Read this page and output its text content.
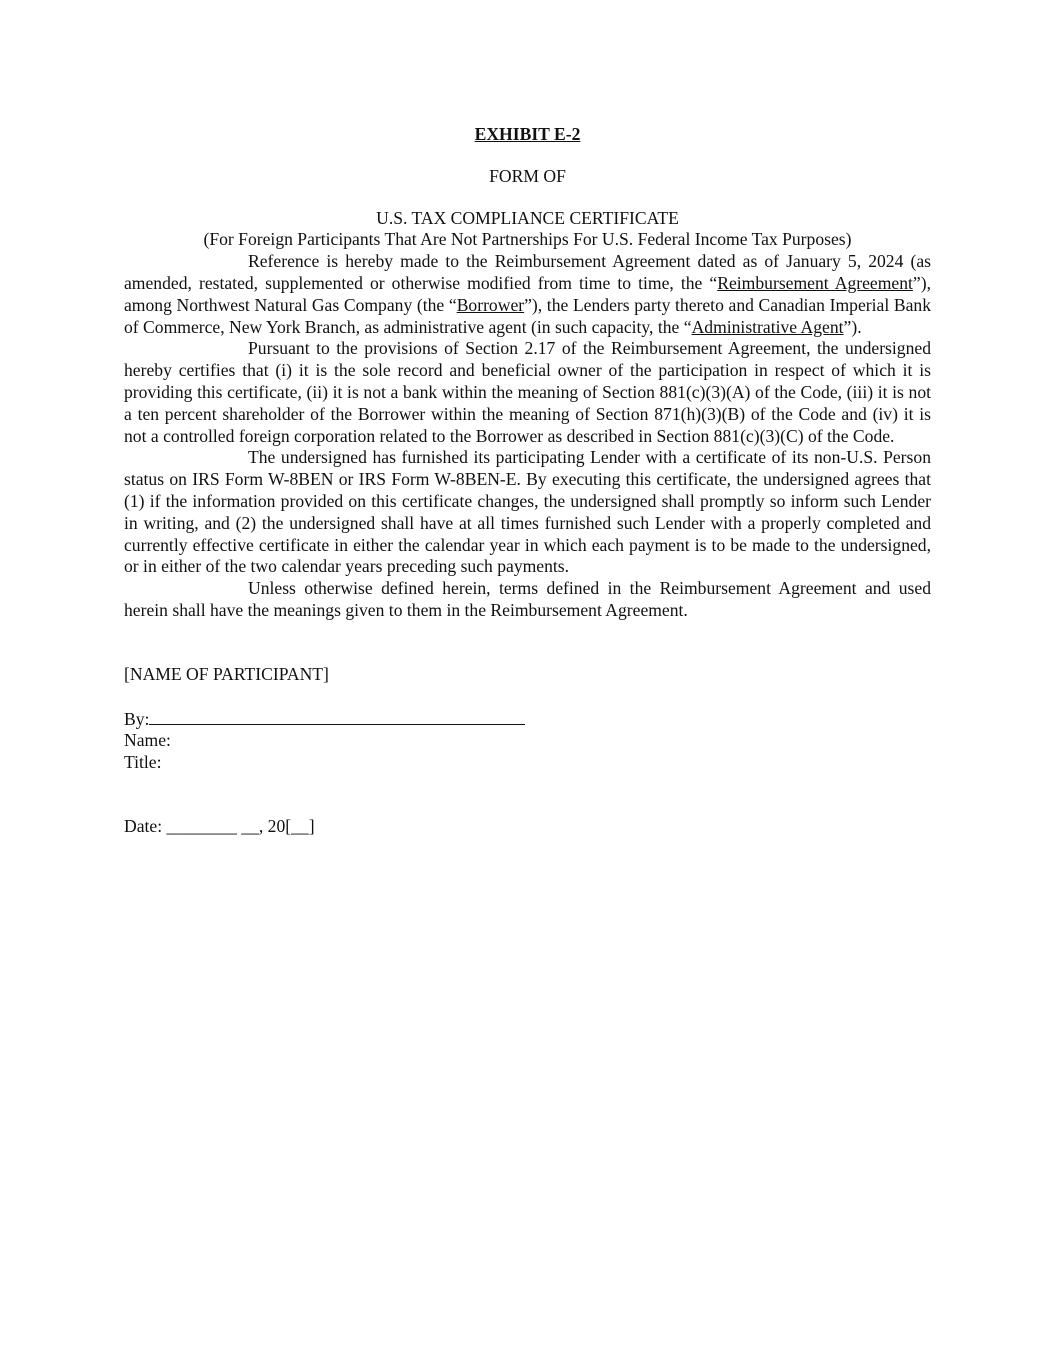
EXHIBIT E-2
FORM OF
U.S. TAX COMPLIANCE CERTIFICATE
(For Foreign Participants That Are Not Partnerships For U.S. Federal Income Tax Purposes)

Reference is hereby made to the Reimbursement Agreement dated as of January 5, 2024 (as amended, restated, supplemented or otherwise modified from time to time, the “Reimbursement Agreement”), among Northwest Natural Gas Company (the “Borrower”), the Lenders party thereto and Canadian Imperial Bank of Commerce, New York Branch, as administrative agent (in such capacity, the “Administrative Agent”).

Pursuant to the provisions of Section 2.17 of the Reimbursement Agreement, the undersigned hereby certifies that (i) it is the sole record and beneficial owner of the participation in respect of which it is providing this certificate, (ii) it is not a bank within the meaning of Section 881(c)(3)(A) of the Code, (iii) it is not a ten percent shareholder of the Borrower within the meaning of Section 871(h)(3)(B) of the Code and (iv) it is not a controlled foreign corporation related to the Borrower as described in Section 881(c)(3)(C) of the Code.

The undersigned has furnished its participating Lender with a certificate of its non-U.S. Person status on IRS Form W-8BEN or IRS Form W-8BEN-E. By executing this certificate, the undersigned agrees that (1) if the information provided on this certificate changes, the undersigned shall promptly so inform such Lender in writing, and (2) the undersigned shall have at all times furnished such Lender with a properly completed and currently effective certificate in either the calendar year in which each payment is to be made to the undersigned, or in either of the two calendar years preceding such payments.

Unless otherwise defined herein, terms defined in the Reimbursement Agreement and used herein shall have the meanings given to them in the Reimbursement Agreement.

[NAME OF PARTICIPANT]
By:
Name:
Title:
Date: ________ __, 20[__]
